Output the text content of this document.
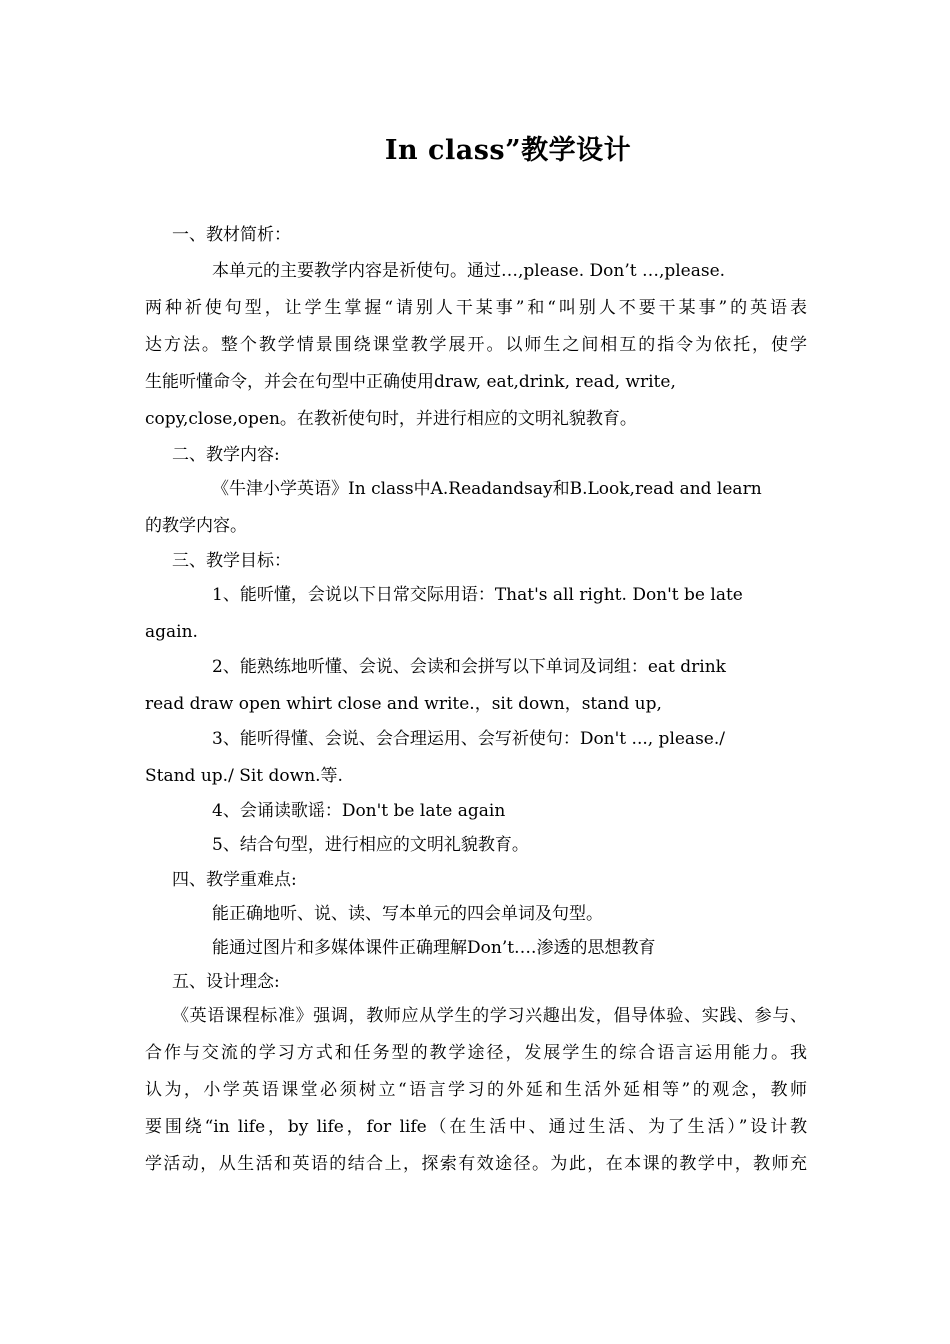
In class”教学设计
一、教材简析：
本单元的主要教学内容是祈使句。通过…,please. Don’t …,please.
两种祈使句型，让学生掌握“请别人干某事”和“叫别人不要干某事”的英语表
达方法。整个教学情景围绕课堂教学展开。以师生之间相互的指令为依托，使学
生能听懂命令，并会在句型中正确使用draw, eat,drink, read, write,
copy,close,open。在教祈使句时，并进行相应的文明礼貌教育。
二、教学内容:
《牛津小学英语》In class中A.Readandsay和B.Look,read and learn
的教学内容。
三、教学目标：
1、能听懂，会说以下日常交际用语：That's all right. Don't be late
again.
2、能熟练地听懂、会说、会读和会拼写以下单词及词组：eat drink
read draw open whirt close and write.，sit down，stand up,
3、能听得懂、会说、会合理运用、会写祈使句：Don't ..., please./
Stand up./ Sit down.等.
4、会诵读歌谣：Don't be late again
5、结合句型，进行相应的文明礼貌教育。
四、教学重难点:
能正确地听、说、读、写本单元的四会单词及句型。
能通过图片和多媒体课件正确理解Don’t….渗透的思想教育
五、设计理念:
《英语课程标准》强调，教师应从学生的学习兴趣出发，倡导体验、实践、参与、
合作与交流的学习方式和任务型的教学途径，发展学生的综合语言运用能力。我
认为，小学英语课堂必须树立“语言学习的外延和生活外延相等”的观念，教师
要围绕“in life，by life，for life（在生活中、通过生活、为了生活）”设计教
学活动，从生活和英语的结合上，探索有效途径。为此，在本课的教学中，教师充
